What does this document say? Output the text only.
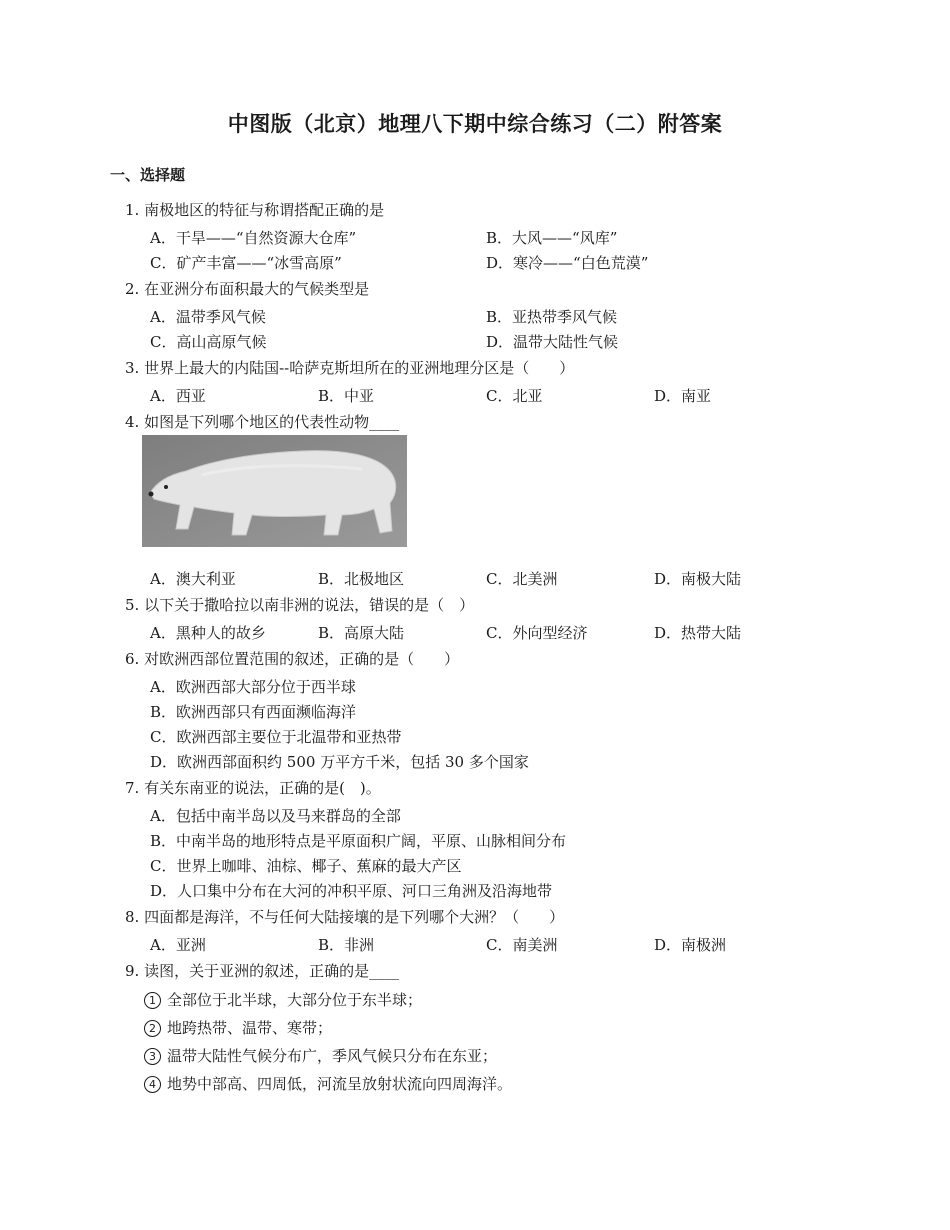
中图版（北京）地理八下期中综合练习（二）附答案
一、选择题
1. 南极地区的特征与称谓搭配正确的是
A．干旱——“自然资源大仓库”	B．大风——“风库”
C．矿产丰富——“冰雪高原”	D．寒冷——“白色荒漠”
2. 在亚洲分布面积最大的气候类型是
A．温带季风气候	B．亚热带季风气候
C．高山高原气候	D．温带大陆性气候
3. 世界上最大的内陆国--哈萨克斯坦所在的亚洲地理分区是（　　）
A．西亚	B．中亚	C．北亚	D．南亚
4. 如图是下列哪个地区的代表性动物____
A．澳大利亚	B．北极地区	C．北美洲	D．南极大陆
5. 以下关于撒哈拉以南非洲的说法，错误的是（　）
A．黑种人的故乡	B．高原大陆	C．外向型经济	D．热带大陆
6. 对欧洲西部位置范围的叙述，正确的是（　　）
A．欧洲西部大部分位于西半球
B．欧洲西部只有西面濒临海洋
C．欧洲西部主要位于北温带和亚热带
D．欧洲西部面积约 500 万平方千米，包括 30 多个国家
7. 有关东南亚的说法，正确的是(　)。
A．包括中南半岛以及马来群岛的全部
B．中南半岛的地形特点是平原面积广阔，平原、山脉相间分布
C．世界上咖啡、油棕、椰子、蕉麻的最大产区
D．人口集中分布在大河的冲积平原、河口三角洲及沿海地带
8. 四面都是海洋，不与任何大陆接壤的是下列哪个大洲？（　　）
A．亚洲	B．非洲	C．南美洲	D．南极洲
9. 读图，关于亚洲的叙述，正确的是____
1 全部位于北半球，大部分位于东半球；
2 地跨热带、温带、寒带；
3 温带大陆性气候分布广，季风气候只分布在东亚；
4 地势中部高、四周低，河流呈放射状流向四周海洋。
